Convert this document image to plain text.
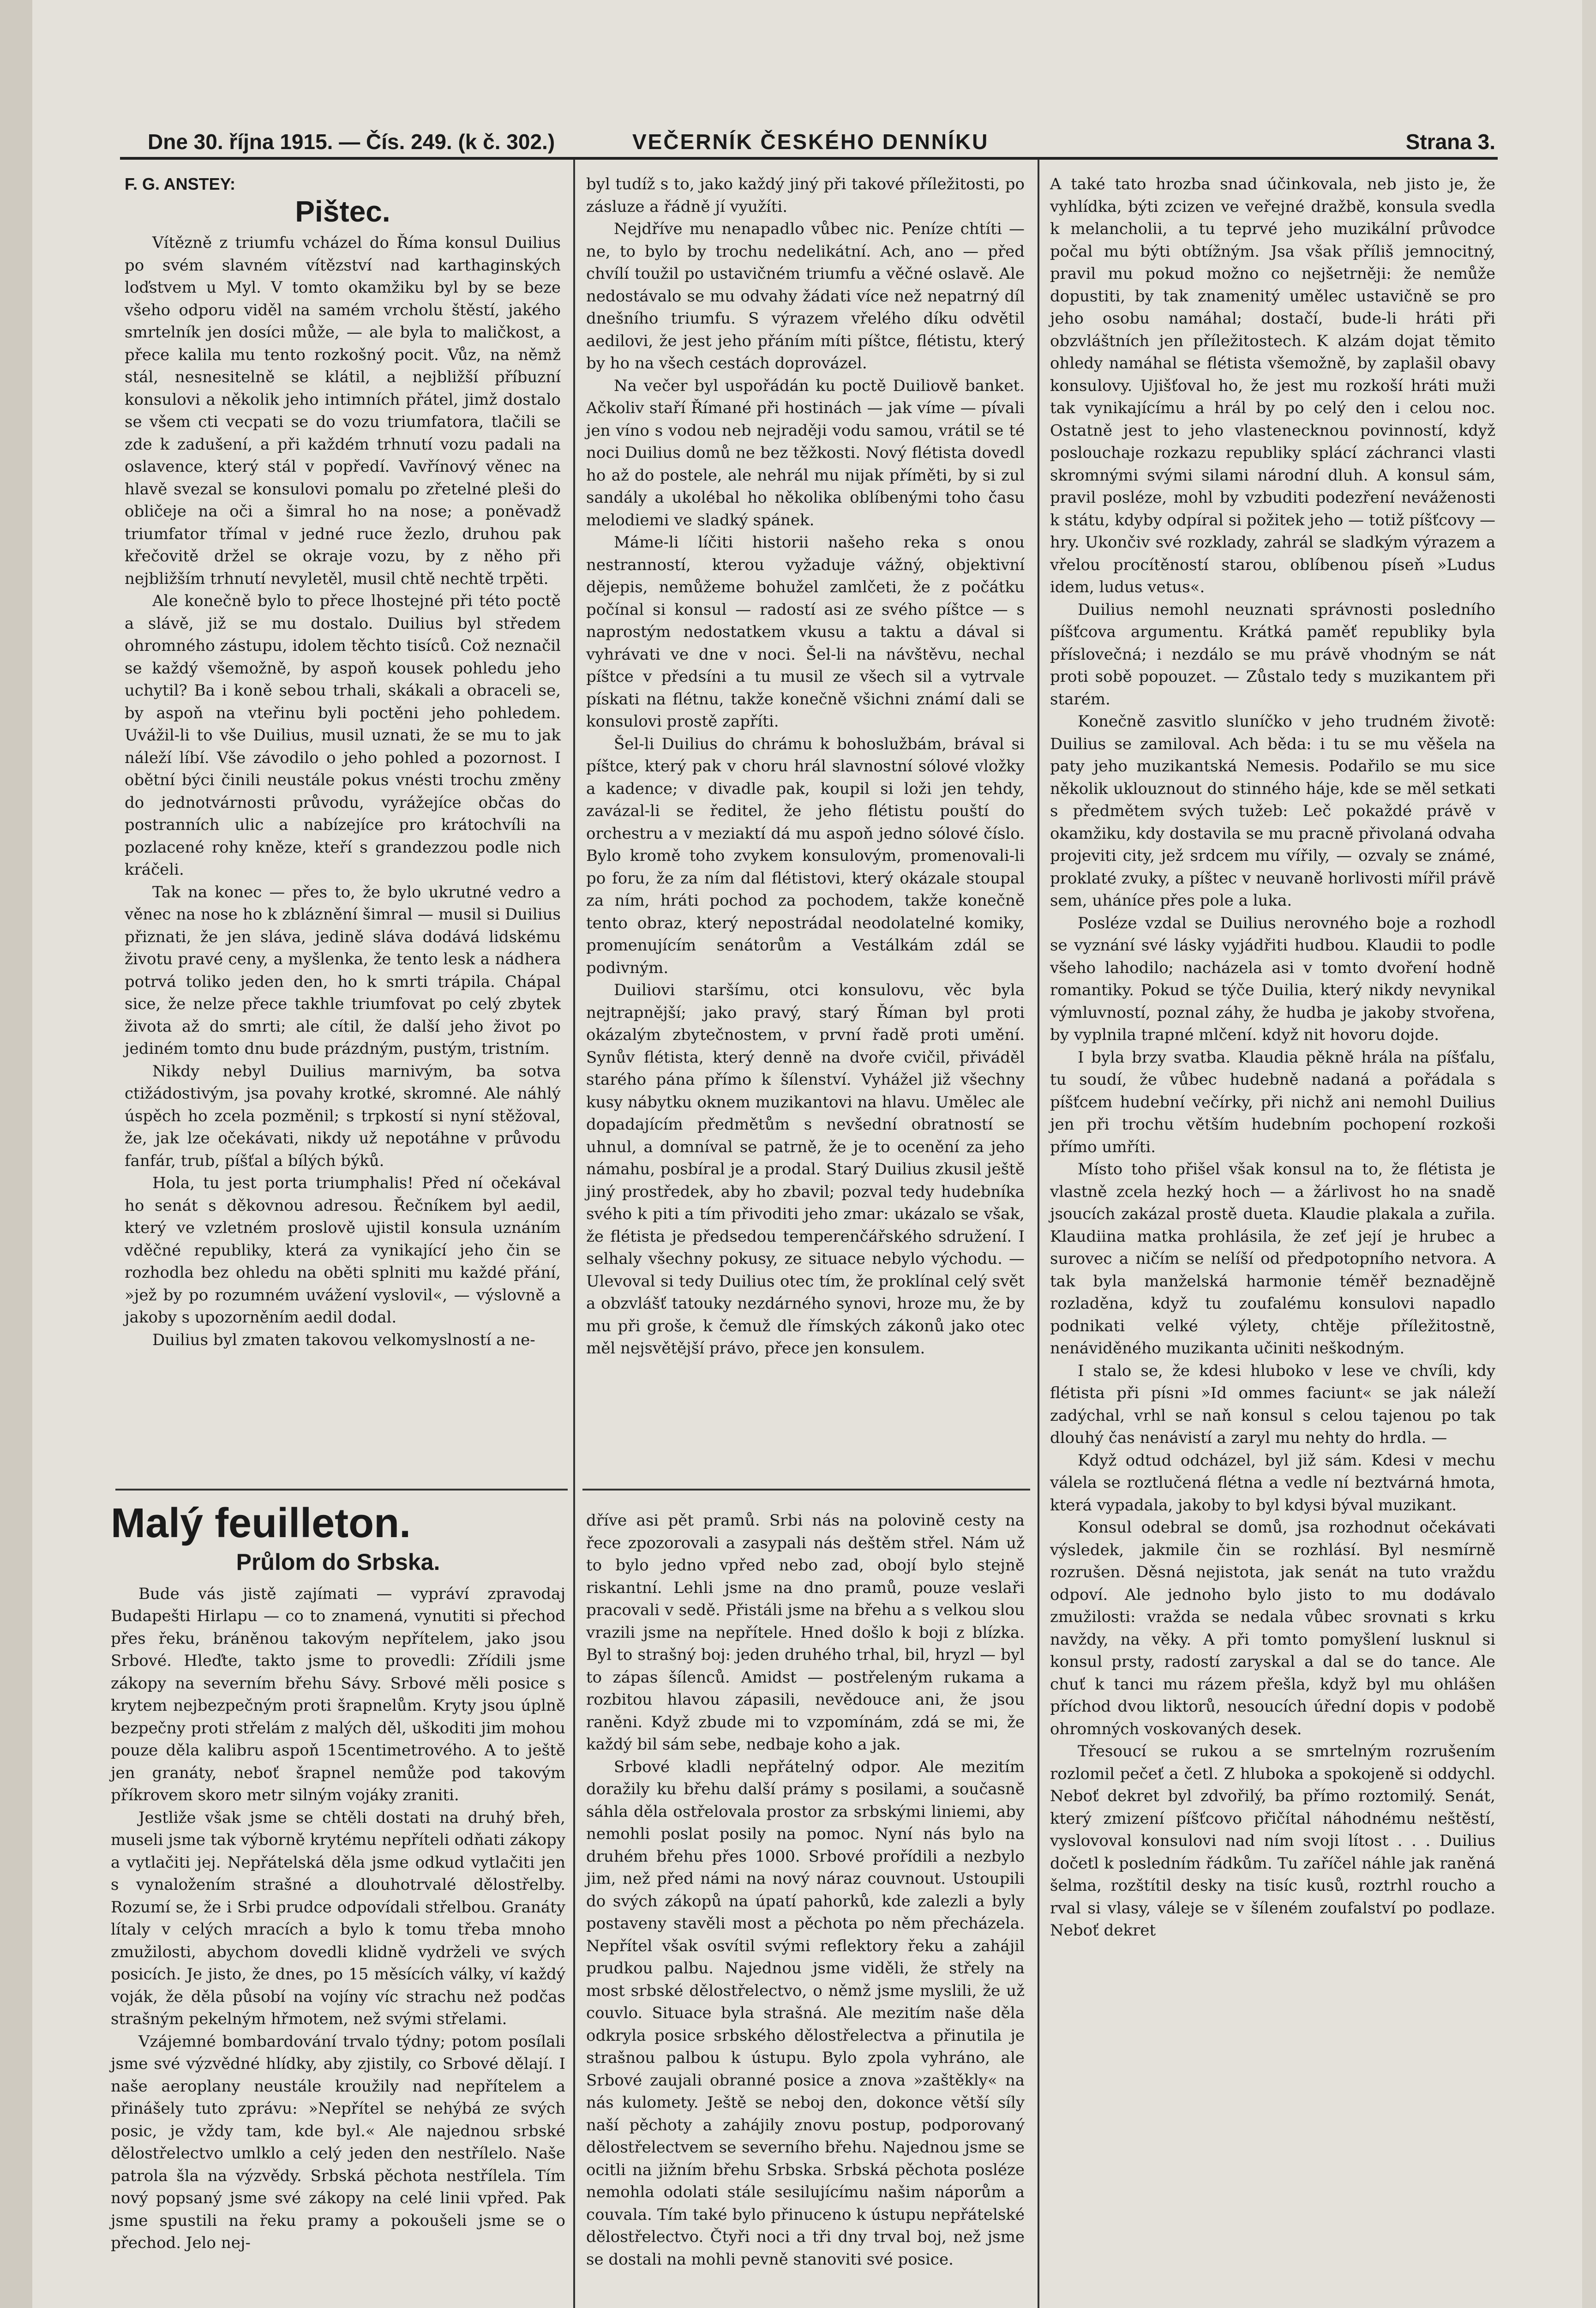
Dne 30. října 1915. — Čís. 249. (k č. 302.)	VEČERNÍK ČESKÉHO DENNÍKU	Strana 3.
F. G. ANSTEY:
Pištec.

Vítězně z triumfu vcházel do Říma konsul Duilius po svém slavném vítězství nad karthaginských loďstvem u Myl. V tomto okamžiku byl by se beze všeho odporu viděl na samém vrcholu štěstí, jakého smrtelník jen dosíci může, — ale byla to maličkost, a přece kalila mu tento rozkošný pocit. Vůz, na němž stál, nesnesitelně se klátil, a nejbližší příbuzní konsulovi a několik jeho intimních přátel, jimž dostalo se všem cti vecpati se do vozu triumfatora, tlačili se zde k zadušení, a při každém trhnutí vozu padali na oslavence, který stál v popředí. Vavřínový věnec na hlavě svezal se konsulovi pomalu po zřetelné pleši do obličeje na oči a šimral ho na nose; a poněvadž triumfator třímal v jedné ruce žezlo, druhou pak křečovitě držel se okraje vozu, by z něho při nejbližším trhnutí nevyletěl, musil chtě nechtě trpěti.

Ale konečně bylo to přece lhostejné při této poctě a slávě, již se mu dostalo. Duilius byl středem ohromného zástupu, idolem těchto tisíců. Což neznačil se každý všemožně, by aspoň kousek pohledu jeho uchytil? Ba i koně sebou trhali, skákali a obraceli se, by aspoň na vteřinu byli poctěni jeho pohledem. Uvážil-li to vše Duilius, musil uznati, že se mu to jak náleží líbí. Vše závodilo o jeho pohled a pozornost. I obětní býci činili neustále pokus vnésti trochu změny do jednotvárnosti průvodu, vyrážejíce občas do postranních ulic a nabízejíce pro krátochvíli na pozlacené rohy kněze, kteří s grandezzou podle nich kráčeli.

Tak na konec — přes to, že bylo ukrutné vedro a věnec na nose ho k zbláznění šimral — musil si Duilius přiznati, že jen sláva, jedině sláva dodává lidskému životu pravé ceny, a myšlenka, že tento lesk a nádhera potrvá toliko jeden den, ho k smrti trápila. Chápal sice, že nelze přece takhle triumfovat po celý zbytek života až do smrti; ale cítil, že další jeho život po jediném tomto dnu bude prázdným, pustým, tristním.

Nikdy nebyl Duilius marnivým, ba sotva ctižádostivým, jsa povahy krotké, skromné. Ale náhlý úspěch ho zcela pozměnil; s trpkostí si nyní stěžoval, že, jak lze očekávati, nikdy už nepotáhne v průvodu fanfár, trub, píšťal a bílých býků.

Hola, tu jest porta triumphalis! Před ní očekával ho senát s děkovnou adresou. Řečníkem byl aedil, který ve vzletném proslově ujistil konsula uznáním vděčné republiky, která za vynikající jeho čin se rozhodla bez ohledu na oběti splniti mu každé přání, »jež by po rozumném uvážení vyslovil«, — výslovně a jakoby s upozorněním aedil dodal.

Duilius byl zmaten takovou velkomyslností a ne-

byl tudíž s to, jako každý jiný při takové příležitosti, po zásluze a řádně jí využíti.

Nejdříve mu nenapadlo vůbec nic. Peníze chtíti — ne, to bylo by trochu nedelikátní. Ach, ano — před chvílí toužil po ustavičném triumfu a věčné oslavě. Ale nedostávalo se mu odvahy žádati více než nepatrný díl dnešního triumfu. S výrazem vřelého díku odvětil aedilovi, že jest jeho přáním míti píštce, flétistu, který by ho na všech cestách doprovázel.

Na večer byl uspořádán ku poctě Duiliově banket. Ačkoliv staří Římané při hostinách — jak víme — pívali jen víno s vodou neb nejraději vodu samou, vrátil se té noci Duilius domů ne bez těžkosti. Nový flétista dovedl ho až do postele, ale nehrál mu nijak příměti, by si zul sandály a ukolébal ho několika oblíbenými toho času melodiemi ve sladký spánek.

Máme-li líčiti historii našeho reka s onou nestranností, kterou vyžaduje vážný, objektivní dějepis, nemůžeme bohužel zamlčeti, že z počátku počínal si konsul — radostí asi ze svého píštce — s naprostým nedostatkem vkusu a taktu a dával si vyhrávati ve dne v noci. Šel-li na návštěvu, nechal píštce v předsíni a tu musil ze všech sil a vytrvale pískati na flétnu, takže konečně všichni známí dali se konsulovi prostě zapříti.

Šel-li Duilius do chrámu k bohoslužbám, brával si píštce, který pak v choru hrál slavnostní sólové vložky a kadence; v divadle pak, koupil si loži jen tehdy, zavázal-li se ředitel, že jeho flétistu pouští do orchestru a v meziaktí dá mu aspoň jedno sólové číslo. Bylo kromě toho zvykem konsulovým, promenovali-li po foru, že za ním dal flétistovi, který okázale stoupal za ním, hráti pochod za pochodem, takže konečně tento obraz, který nepostrádal neodolatelné komiky, promenujícím senátorům a Vestálkám zdál se podivným.

Duiliovi staršímu, otci konsulovu, věc byla nejtrapnější; jako pravý, starý Říman byl proti okázalým zbytečnostem, v první řadě proti umění. Synův flétista, který denně na dvoře cvičil, přiváděl starého pána přímo k šílenství. Vyhážel již všechny kusy nábytku oknem muzikantovi na hlavu. Umělec ale dopadajícím předmětům s nevšední obratností se uhnul, a domníval se patrně, že je to ocenění za jeho námahu, posbíral je a prodal. Starý Duilius zkusil ještě jiný prostředek, aby ho zbavil; pozval tedy hudebníka svého k piti a tím přivoditi jeho zmar: ukázalo se však, že flétista je předsedou temperenčářského sdružení. I selhaly všechny pokusy, ze situace nebylo východu. — Ulevoval si tedy Duilius otec tím, že proklínal celý svět a obzvlášť tatouky nezdárného synovi, hroze mu, že by mu při groše, k čemuž dle římských zákonů jako otec měl nejsvětější právo, přece jen konsulem.

A také tato hrozba snad účinkovala, neb jisto je, že vyhlídka, býti zcizen ve veřejné dražbě, konsula svedla k melancholii, a tu teprvé jeho muzikální průvodce počal mu býti obtížným. Jsa však příliš jemnocitný, pravil mu pokud možno co nejšetrněji: že nemůže dopustiti, by tak znamenitý umělec ustavičně se pro jeho osobu namáhal; dostačí, bude-li hráti při obzvláštních jen příležitostech. K alzám dojat těmito ohledy namáhal se flétista všemožně, by zaplašil obavy konsulovy. Ujišťoval ho, že jest mu rozkoší hráti muži tak vynikajícímu a hrál by po celý den i celou noc. Ostatně jest to jeho vlastenecknou povinností, když poslouchaje rozkazu republiky splácí záchranci vlasti skromnými svými silami národní dluh. A konsul sám, pravil posléze, mohl by vzbuditi podezření neváženosti k státu, kdyby odpíral si požitek jeho — totiž píšťcovy — hry. Ukončiv své rozklady, zahrál se sladkým výrazem a vřelou procítěností starou, oblíbenou píseň »Ludus idem, ludus vetus«.

Duilius nemohl neuznati správnosti posledního píšťcova argumentu. Krátká paměť republiky byla příslovečná; i nezdálo se mu právě vhodným se nát proti sobě popouzet. — Zůstalo tedy s muzikantem při starém.

Konečně zasvitlo sluníčko v jeho trudném životě: Duilius se zamiloval. Ach běda: i tu se mu věšela na paty jeho muzikantská Nemesis. Podařilo se mu sice několik uklouznout do stinného háje, kde se měl setkati s předmětem svých tužeb: Leč pokaždé právě v okamžiku, kdy dostavila se mu pracně přivolaná odvaha projeviti city, jež srdcem mu vířily, — ozvaly se známé, proklaté zvuky, a píštec v neuvaně horlivosti mířil právě sem, uháníce přes pole a lukа.

Posléze vzdal se Duilius nerovného boje a rozhodl se vyznání své lásky vyjádřiti hudbou. Klaudii to podle všeho lahodilo; nacházela asi v tomto dvoření hodně romantiky. Pokud se týče Duilia, který nikdy nevynikal výmluvností, poznal záhy, že hudba je jakoby stvořena, by vyplnila trapné mlčení. když nit hovoru dojde.

I byla brzy svatba. Klaudia pěkně hrála na píšťalu, tu soudí, že vůbec hudebně nadaná a pořádala s píšťcem hudební večírky, při nichž ani nemohl Duilius jen při trochu větším hudebním pochopení rozkoši přímo umříti.

Místo toho přišel však konsul na to, že flétista je vlastně zcela hezký hoch — a žárlivost ho na snadě jsoucích zakázal prostě dueta. Klaudie plakala a zuřila. Klaudiina matka prohlásila, že zeť její je hrubec a surovec a ničím se nelíší od předpotopního netvora. A tak byla manželská harmonie téměř beznadějně rozladěna, když tu zoufalému konsulovi napadlo podnikati velké výlety, chtěje příležitostně, nenáviděného muzikanta učiniti neškodným.

I stalo se, že kdesi hluboko v lese ve chvíli, kdy flétista při písni »Id ommes faciunt« se jak náleží zadýchal, vrhl se naň konsul s celou tajenou po tak dlouhý čas nenávistí a zaryl mu nehty do hrdla. —

Když odtud odcházel, byl již sám. Kdesi v mechu válela se roztlučená flétna a vedle ní beztvárná hmota, která vypadala, jakoby to byl kdysi býval muzikant.

Konsul odebral se domů, jsa rozhodnut očekávati výsledek, jakmile čin se rozhlásí. Byl nesmírně rozrušen. Děsná nejistota, jak senát na tuto vraždu odpoví. Ale jednoho bylo jisto to mu dodávalo zmužilosti: vražda se nedala vůbec srovnati s krku navždy, na věky. A při tomto pomyšlení lusknul si konsul prsty, radostí zaryskal a dal se do tance. Ale chuť k tanci mu rázem přešla, když byl mu ohlášen příchod dvou liktorů, nesoucích úřední dopis v podobě ohromných voskovaných desek.

Třesoucí se rukou a se smrtelným rozrušením rozlomil pečeť a četl. Z hluboka a spokojeně si oddychl. Neboť dekret byl zdvořilý, ba přímo roztomilý. Senát, který zmizení píšťcovo přičítal náhodnému neštěstí, vyslovoval konsulovi nad ním svoji lítost . . . Duilius dočetl k posledním řádkům. Tu zaříčel náhle jak raněná šelma, rozštítil desky na tisíc kusů, roztrhl roucho a rval si vlasy, váleje se v šíleném zoufalství po podlaze. Neboť dekret

Malý feuilleton.
Průlom do Srbska.

Bude vás jistě zajímati — vypráví zpravodaj Budapešti Hirlapu — co to znamená, vynutiti si přechod přes řeku, bráněnou takovým nepřítelem, jako jsou Srbové. Hleďte, takto jsme to provedli: Zřídili jsme zákopy na severním břehu Sávy. Srbové měli posice s krytem nejbezpečným proti šrapnelům. Kryty jsou úplně bezpečny proti střelám z malých děl, uškoditi jim mohou pouze děla kalibru aspoň 15centimetrového. A to ještě jen granáty, neboť šrapnel nemůže pod takovým příkrovem skoro metr silným vojáky zraniti.

Jestliže však jsme se chtěli dostati na druhý břeh, museli jsme tak výborně krytému nepříteli odňati zákopy a vytlačiti jej. Nepřátelská děla jsme odkud vytlačiti jen s vynaložením strašné a dlouhotrvalé dělostřelby. Rozumí se, že i Srbi prudce odpovídali střelbou. Granáty lítaly v celých mracích a bylo k tomu třeba mnoho zmužilosti, abychom dovedli klidně vydrželi ve svých posicích. Je jisto, že dnes, po 15 měsících války, ví každý voják, že děla působí na vojíny víc strachu než podčas strašným pekelným hřmotem, než svými střelami.

Vzájemné bombardování trvalo týdny; potom posílali jsme své výzvědné hlídky, aby zjistily, co Srbové dělají. I naše aeroplany neustále kroužily nad nepřítelem a přinášely tuto zprávu: »Nepřítel se nehýbá ze svých posic, je vždy tam, kde byl.« Ale najednou srbské dělostřelectvo umlklo a celý jeden den nestřílelo. Naše patrola šla na výzvědy. Srbská pěchota nestřílela. Tím nový popsaný jsme své zákopy na celé linii vpřed. Pak jsme spustili na řeku pramy a pokoušeli jsme se o přechod. Jelo nej-

dříve asi pět pramů. Srbi nás na polovině cesty na řece zpozorovali a zasypali nás deštěm střel. Nám už to bylo jedno vpřed nebo zad, obojí bylo stejně riskantní. Lehli jsme na dno pramů, pouze veslaři pracovali v sedě. Přistáli jsme na břehu a s velkou slou vrazili jsme na nepřítele. Hned došlo k boji z blízka. Byl to strašný boj: jeden druhého trhal, bil, hryzl — byl to zápas šílenců. Amidst — postřeleným rukama a rozbitou hlavou zápasili, nevědouce ani, že jsou raněni. Když zbude mi to vzpomínám, zdá se mi, že každý bil sám sebe, nedbaje koho a jak.

Srbové kladli nepřátelný odpor. Ale mezitím doražily ku břehu další prámy s posilami, a současně sáhla děla ostřelovala prostor za srbskými liniemi, aby nemohli poslat posily na pomoc. Nyní nás bylo na druhém břehu přes 1000. Srbové prořídili a nezbylo jim, než před námi na nový náraz couvnout. Ustoupili do svých zákopů na úpatí pahorků, kde zalezli a byly postaveny stavěli most a pěchota po něm přecházela. Nepřítel však osvítil svými reflektory řeku a zahájil prudkou palbu. Najednou jsme viděli, že střely na most srbské dělostřelectvo, o němž jsme myslili, že už couvlo. Situace byla strašná. Ale mezitím naše děla odkryla posice srbského dělostřelectva a přinutila je strašnou palbou k ústupu. Bylo zpola vyhráno, ale Srbové zaujali obranné posice a znova »zaštěkly« na nás kulomety. Ještě se neboj den, dokonce větší síly naší pěchoty a zahájily znovu postup, podporovaný dělostřelectvem se severního břehu. Najednou jsme se ocitli na jižním břehu Srbska. Srbská pěchota posléze nemohla odolati stále sesilujícímu našim náporům a couvala. Tím také bylo přinuceno k ústupu nepřátelské dělostřelectvo. Čtyři noci a tři dny trval boj, než jsme se dostali na mohli pevně stanoviti své posice.
